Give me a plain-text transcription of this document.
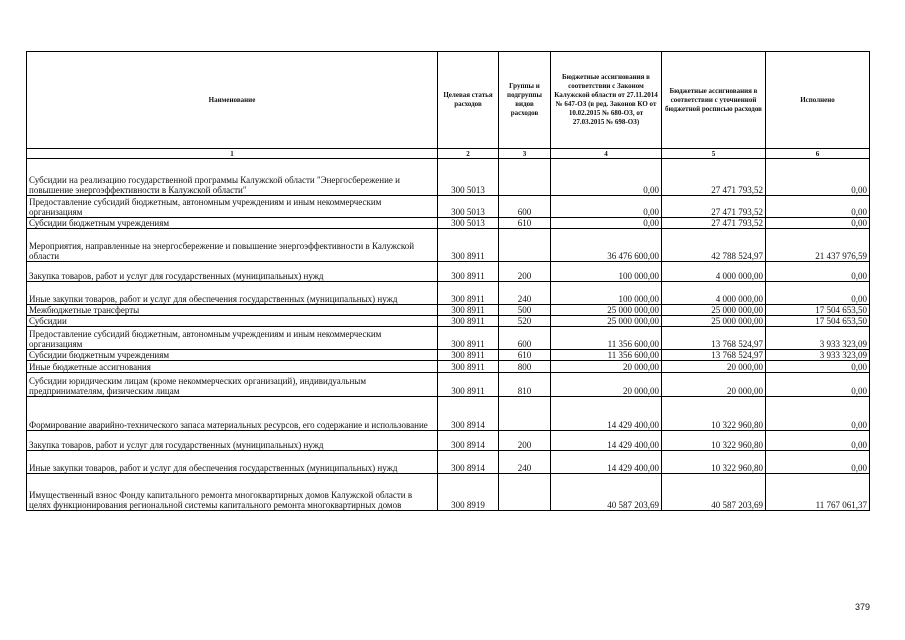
Наименование	Целевая статья расходов	Группы и подгруппы видов расходов	Бюджетные ассигнования в соответствии с Законом Калужской области от 27.11.2014 № 647-ОЗ (в ред. Законов КО от 10.02.2015 № 680-ОЗ, от 27.03.2015 № 698-ОЗ)	Бюджетные ассигнования в соответствии с уточненной бюджетной росписью расходов	Исполнено
1	2	3	4	5	6
Субсидии на реализацию государственной программы Калужской области "Энергосбережение и повышение энергоэффективности в Калужской области"	300 5013		0,00	27 471 793,52	0,00
Предоставление субсидий бюджетным, автономным учреждениям и иным некоммерческим организациям	300 5013	600	0,00	27 471 793,52	0,00
Субсидии бюджетным учреждениям	300 5013	610	0,00	27 471 793,52	0,00
Мероприятия, направленные на энергосбережение и повышение энергоэффективности в Калужской области	300 8911		36 476 600,00	42 788 524,97	21 437 976,59
Закупка товаров, работ и услуг для государственных (муниципальных) нужд	300 8911	200	100 000,00	4 000 000,00	0,00
Иные закупки товаров, работ и услуг для обеспечения государственных (муниципальных) нужд	300 8911	240	100 000,00	4 000 000,00	0,00
Межбюджетные трансферты	300 8911	500	25 000 000,00	25 000 000,00	17 504 653,50
Субсидии	300 8911	520	25 000 000,00	25 000 000,00	17 504 653,50
Предоставление субсидий бюджетным, автономным учреждениям и иным некоммерческим организациям	300 8911	600	11 356 600,00	13 768 524,97	3 933 323,09
Субсидии бюджетным учреждениям	300 8911	610	11 356 600,00	13 768 524,97	3 933 323,09
Иные бюджетные ассигнования	300 8911	800	20 000,00	20 000,00	0,00
Субсидии юридическим лицам (кроме некоммерческих организаций), индивидуальным предпринимателям, физическим лицам	300 8911	810	20 000,00	20 000,00	0,00
Формирование аварийно-технического запаса материальных ресурсов, его содержание и использование	300 8914		14 429 400,00	10 322 960,80	0,00
Закупка товаров, работ и услуг для государственных (муниципальных) нужд	300 8914	200	14 429 400,00	10 322 960,80	0,00
Иные закупки товаров, работ и услуг для обеспечения государственных (муниципальных) нужд	300 8914	240	14 429 400,00	10 322 960,80	0,00
Имущественный взнос Фонду капитального ремонта многоквартирных домов Калужской области в целях функционирования региональной системы капитального ремонта многоквартирных домов	300 8919		40 587 203,69	40 587 203,69	11 767 061,37
379
